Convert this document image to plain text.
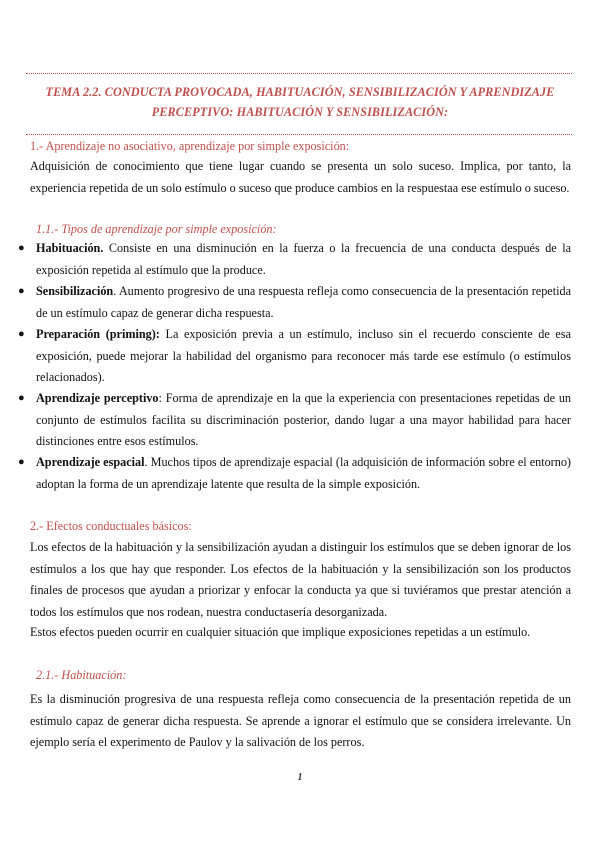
TEMA 2.2. CONDUCTA PROVOCADA, HABITUACIÓN, SENSIBILIZACIÓN Y APRENDIZAJE
PERCEPTIVO: HABITUACIÓN Y SENSIBILIZACIÓN:
1.- Aprendizaje no asociativo, aprendizaje por simple exposición:
Adquisición de conocimiento que tiene lugar cuando se presenta un solo suceso. Implica, por tanto, la experiencia repetida de un solo estímulo o suceso que produce cambios en la respuestaa ese estímulo o suceso.
1.1.- Tipos de aprendizaje por simple exposición:
● Habituación. Consiste en una disminución en la fuerza o la frecuencia de una conducta después de la exposición repetida al estímulo que la produce.
● Sensibilización. Aumento progresivo de una respuesta refleja como consecuencia de la presentación repetida de un estímulo capaz de generar dicha respuesta.
● Preparación (priming): La exposición previa a un estímulo, incluso sin el recuerdo consciente de esa exposición, puede mejorar la habilidad del organismo para reconocer más tarde ese estímulo (o estímulos relacionados).
● Aprendizaje perceptivo: Forma de aprendizaje en la que la experiencia con presentaciones repetidas de un conjunto de estímulos facilita su discriminación posterior, dando lugar a una mayor habilidad para hacer distinciones entre esos estímulos.
● Aprendizaje espacial. Muchos tipos de aprendizaje espacial (la adquisición de información sobre el entorno) adoptan la forma de un aprendizaje latente que resulta de la simple exposición.
2.- Efectos conductuales básicos:
Los efectos de la habituación y la sensibilización ayudan a distinguir los estímulos que se deben ignorar de los estímulos a los que hay que responder. Los efectos de la habituación y la sensibilización son los productos finales de procesos que ayudan a priorizar y enfocar la conducta ya que si tuviéramos que prestar atención a todos los estímulos que nos rodean, nuestra conductasería desorganizada.
Estos efectos pueden ocurrir en cualquier situación que implique exposiciones repetidas a un estímulo.
2.1.- Habituación:
Es la disminución progresiva de una respuesta refleja como consecuencia de la presentación repetida de un estímulo capaz de generar dicha respuesta. Se aprende a ignorar el estímulo que se considera irrelevante. Un ejemplo sería el experimento de Paulov y la salivación de los perros.
1
